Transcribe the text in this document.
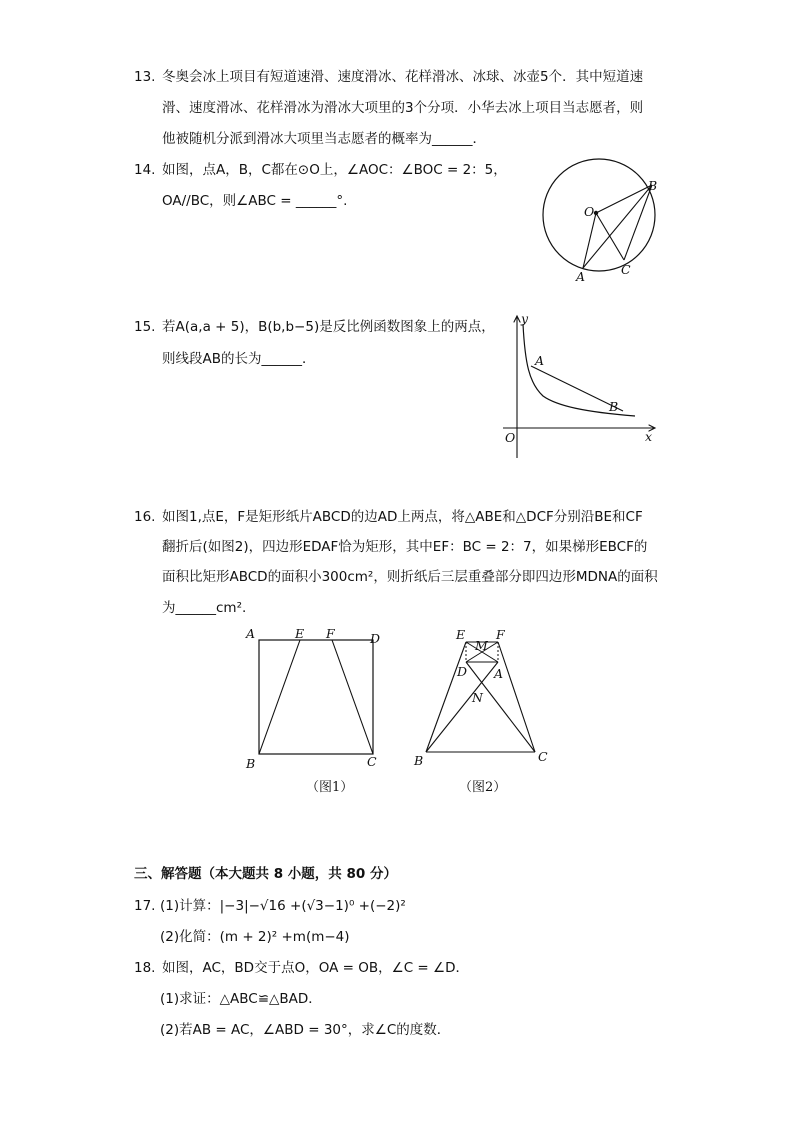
13. 冬奥会冰上项目有短道速滑、速度滑冰、花样滑冰、冰球、冰壶5个．其中短道速
滑、速度滑冰、花样滑冰为滑冰大项里的3个分项．小华去冰上项目当志愿者，则
他被随机分派到滑冰大项里当志愿者的概率为______．
14. 如图，点A，B，C都在⊙O上，∠AOC：∠BOC = 2：5，
OA//BC，则∠ABC = ______°.
O
A
B
C
15. 若A(a,a + 5)，B(b,b−5)是反比例函数图象上的两点，
则线段AB的长为______．
y
x
O
A
B
16. 如图1,点E，F是矩形纸片ABCD的边AD上两点，将△ABE和△DCF分别沿BE和CF
翻折后(如图2)，四边形EDAF恰为矩形，其中EF：BC = 2：7，如果梯形EBCF的
面积比矩形ABCD的面积小300cm²，则折纸后三层重叠部分即四边形MDNA的面积
为______cm².
A	E F	D
B	C
（图1）
E
M
F
D A
N
B	C
（图2）
三、解答题（本大题共 8 小题，共 80 分）
17. (1)计算：|−3|−√16 +(√3−1)⁰ +(−2)²
(2)化简：(m + 2)² +m(m−4)
18. 如图，AC，BD交于点O，OA = OB，∠C = ∠D．
(1)求证：△ABC≌△BAD．
(2)若AB = AC，∠ABD = 30°，求∠C的度数．
